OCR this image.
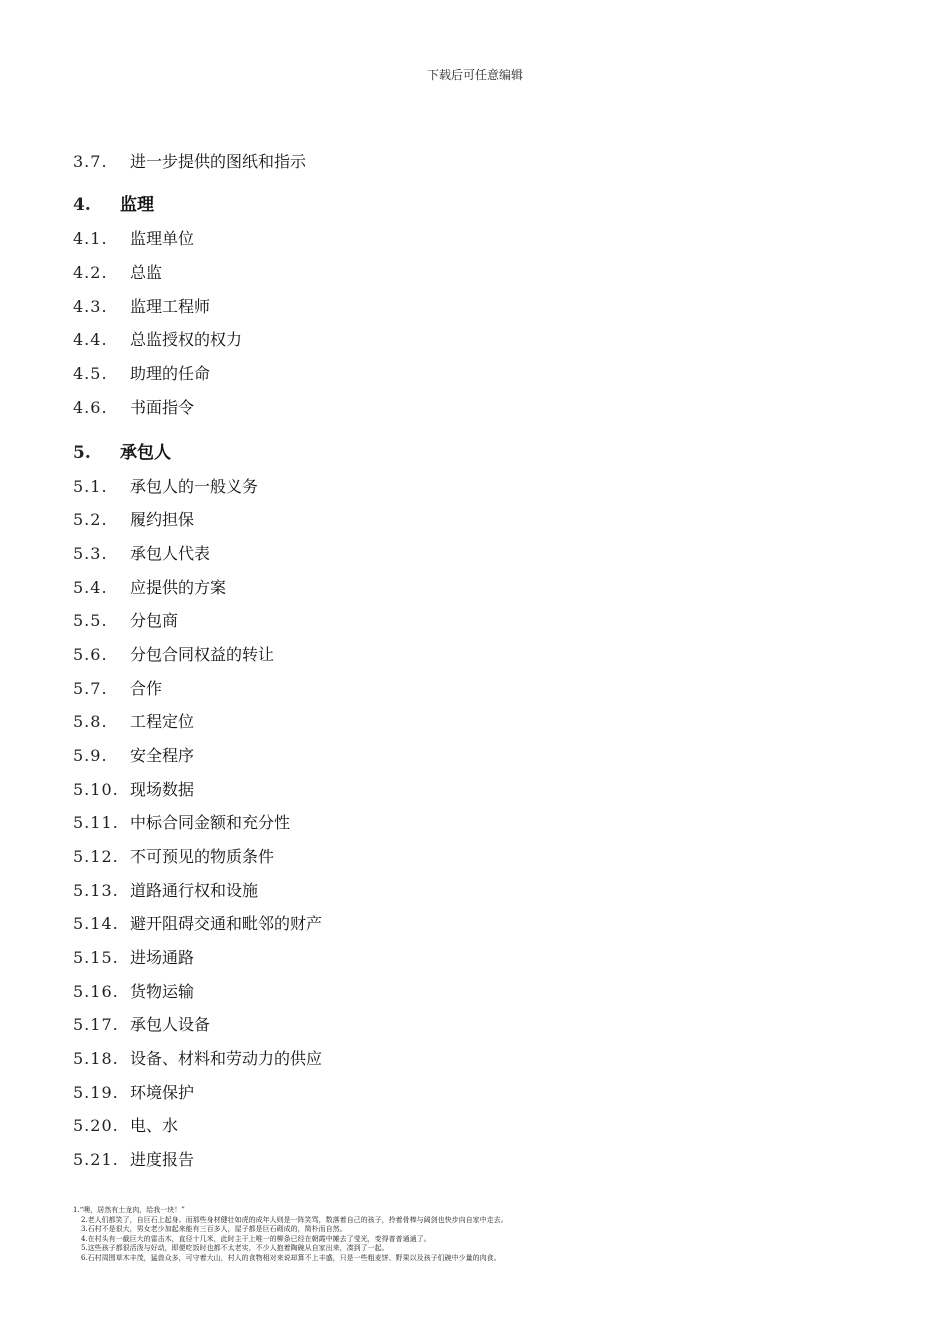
下载后可任意编辑
3.7.	进一步提供的图纸和指示
4.	监理
4.1.	监理单位
4.2.	总监
4.3.	监理工程师
4.4.	总监授权的权力
4.5.	助理的任命
4.6.	书面指令
5.	承包人
5.1.	承包人的一般义务
5.2.	履约担保
5.3.	承包人代表
5.4.	应提供的方案
5.5.	分包商
5.6.	分包合同权益的转让
5.7.	合作
5.8.	工程定位
5.9.	安全程序
5.10. 现场数据
5.11. 中标合同金额和充分性
5.12. 不可预见的物质条件
5.13. 道路通行权和设施
5.14. 避开阻碍交通和毗邻的财产
5.15. 进场通路
5.16. 货物运输
5.17. 承包人设备
5.18. 设备、材料和劳动力的供应
5.19. 环境保护
5.20. 电、水
5.21. 进度报告
1.“噢，居然有土龙肉，给我一块！”
2.老人们都笑了，自巨石上起身。而那些身材健壮如虎的成年人则是一阵笑骂，数落着自己的孩子，拎着骨棒与阔剑也快步向自家中走去。
3.石村不是很大，男女老少加起来能有三百多人，屋子都是巨石砌成的，简朴而自然。
4.在村头有一截巨大的雷击木，直径十几米，此时主干上唯一的柳条已经在朝霞中摊去了莹光，变得普普通通了。
5.这些孩子都很活泼与好动，即便吃饭时也都不太老实，不少人抱着陶碗从自家出来，凑到了一起。
6.石村周围草木丰茂，猛兽众多，可守着大山，村人的食物相对来说却算不上丰盛，只是一些粗麦饼、野果以及孩子们碗中少量的肉食。
